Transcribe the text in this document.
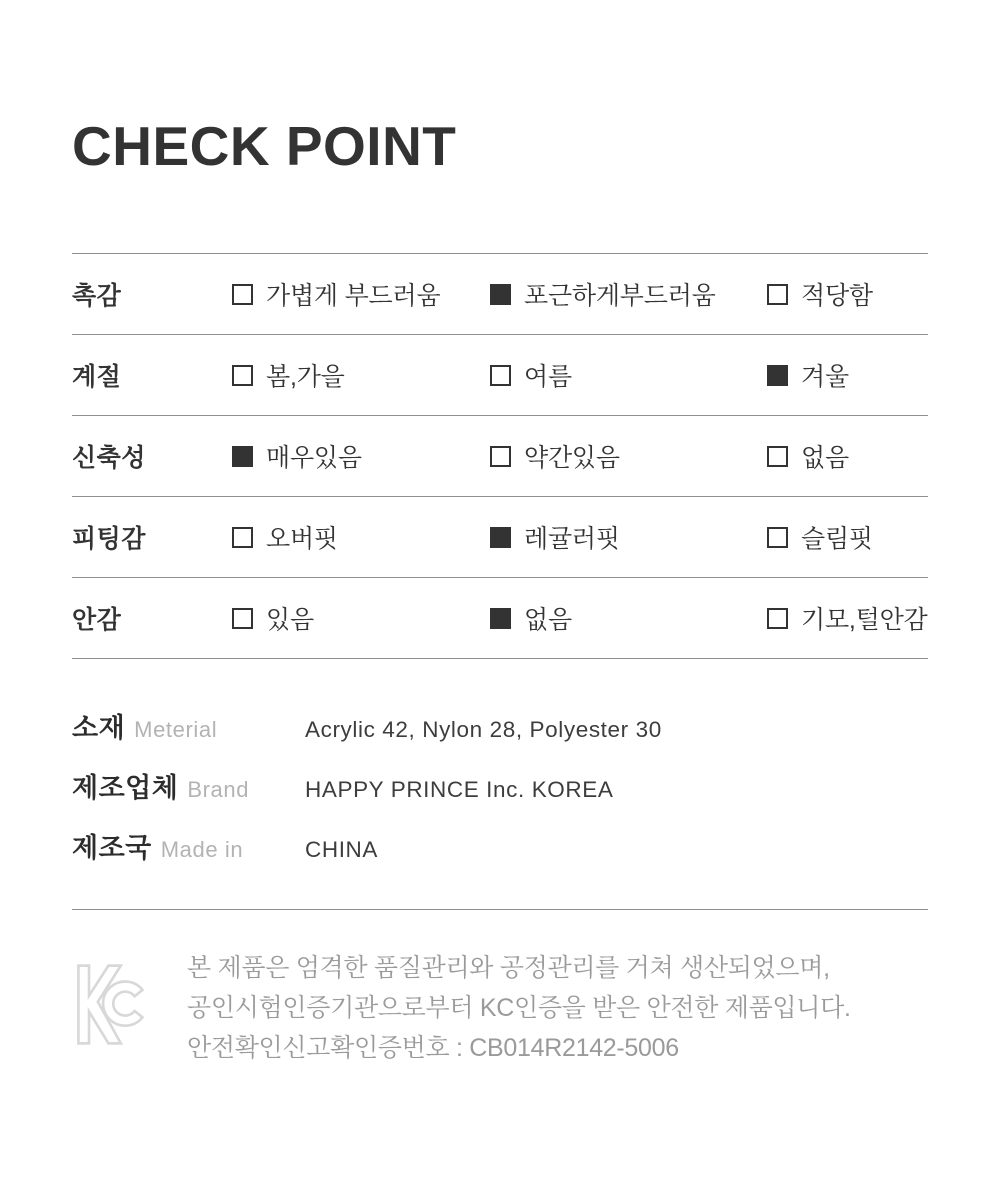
CHECK POINT
촉감	가볍게 부드러움	포근하게부드러움	적당함
계절	봄,가을	여름	겨울
신축성	매우있음	약간있음	없음
피팅감	오버핏	레귤러핏	슬림핏
안감	있음	없음	기모,털안감
소재 Meterial	Acrylic 42, Nylon 28, Polyester 30
제조업체 Brand	HAPPY PRINCE Inc. KOREA
제조국 Made in	CHINA
본 제품은 엄격한 품질관리와 공정관리를 거쳐 생산되었으며,
공인시험인증기관으로부터 KC인증을 받은 안전한 제품입니다.
안전확인신고확인증번호 : CB014R2142-5006
